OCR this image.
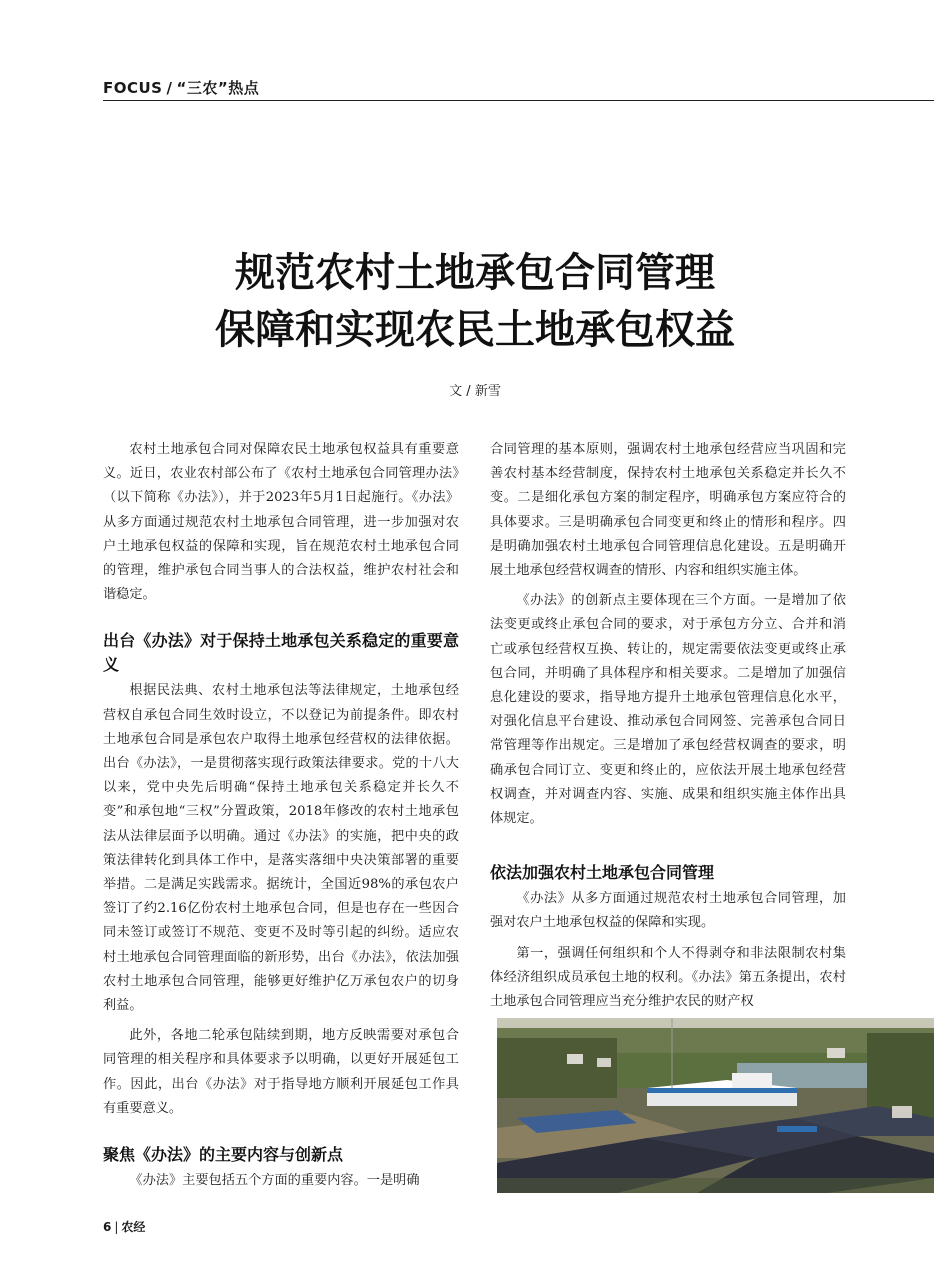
FOCUS / “三农”热点
规范农村土地承包合同管理
保障和实现农民土地承包权益
文 / 新雪

农村土地承包合同对保障农民土地承包权益具有重要意义。近日，农业农村部公布了《农村土地承包合同管理办法》（以下简称《办法》），并于2023年5月1日起施行。《办法》从多方面通过规范农村土地承包合同管理，进一步加强对农户土地承包权益的保障和实现，旨在规范农村土地承包合同的管理，维护承包合同当事人的合法权益，维护农村社会和谐稳定。

出台《办法》对于保持土地承包关系稳定的重要意义

根据民法典、农村土地承包法等法律规定，土地承包经营权自承包合同生效时设立，不以登记为前提条件。即农村土地承包合同是承包农户取得土地承包经营权的法律依据。出台《办法》，一是贯彻落实现行政策法律要求。党的十八大以来，党中央先后明确“保持土地承包关系稳定并长久不变”和承包地“三权”分置政策，2018年修改的农村土地承包法从法律层面予以明确。通过《办法》的实施，把中央的政策法律转化到具体工作中，是落实落细中央决策部署的重要举措。二是满足实践需求。据统计，全国近98%的承包农户签订了约2.16亿份农村土地承包合同，但是也存在一些因合同未签订或签订不规范、变更不及时等引起的纠纷。适应农村土地承包合同管理面临的新形势，出台《办法》，依法加强农村土地承包合同管理，能够更好维护亿万承包农户的切身利益。

此外，各地二轮承包陆续到期，地方反映需要对承包合同管理的相关程序和具体要求予以明确，以更好开展延包工作。因此，出台《办法》对于指导地方顺利开展延包工作具有重要意义。

聚焦《办法》的主要内容与创新点

《办法》主要包括五个方面的重要内容。一是明确

合同管理的基本原则，强调农村土地承包经营应当巩固和完善农村基本经营制度，保持农村土地承包关系稳定并长久不变。二是细化承包方案的制定程序，明确承包方案应符合的具体要求。三是明确承包合同变更和终止的情形和程序。四是明确加强农村土地承包合同管理信息化建设。五是明确开展土地承包经营权调查的情形、内容和组织实施主体。

《办法》的创新点主要体现在三个方面。一是增加了依法变更或终止承包合同的要求，对于承包方分立、合并和消亡或承包经营权互换、转让的，规定需要依法变更或终止承包合同，并明确了具体程序和相关要求。二是增加了加强信息化建设的要求，指导地方提升土地承包管理信息化水平，对强化信息平台建设、推动承包合同网签、完善承包合同日常管理等作出规定。三是增加了承包经营权调查的要求，明确承包合同订立、变更和终止的，应依法开展土地承包经营权调查，并对调查内容、实施、成果和组织实施主体作出具体规定。

依法加强农村土地承包合同管理

《办法》从多方面通过规范农村土地承包合同管理，加强对农户土地承包权益的保障和实现。

第一，强调任何组织和个人不得剥夺和非法限制农村集体经济组织成员承包土地的权利。《办法》第五条提出，农村土地承包合同管理应当充分维护农民的财产权

6 | 农经
